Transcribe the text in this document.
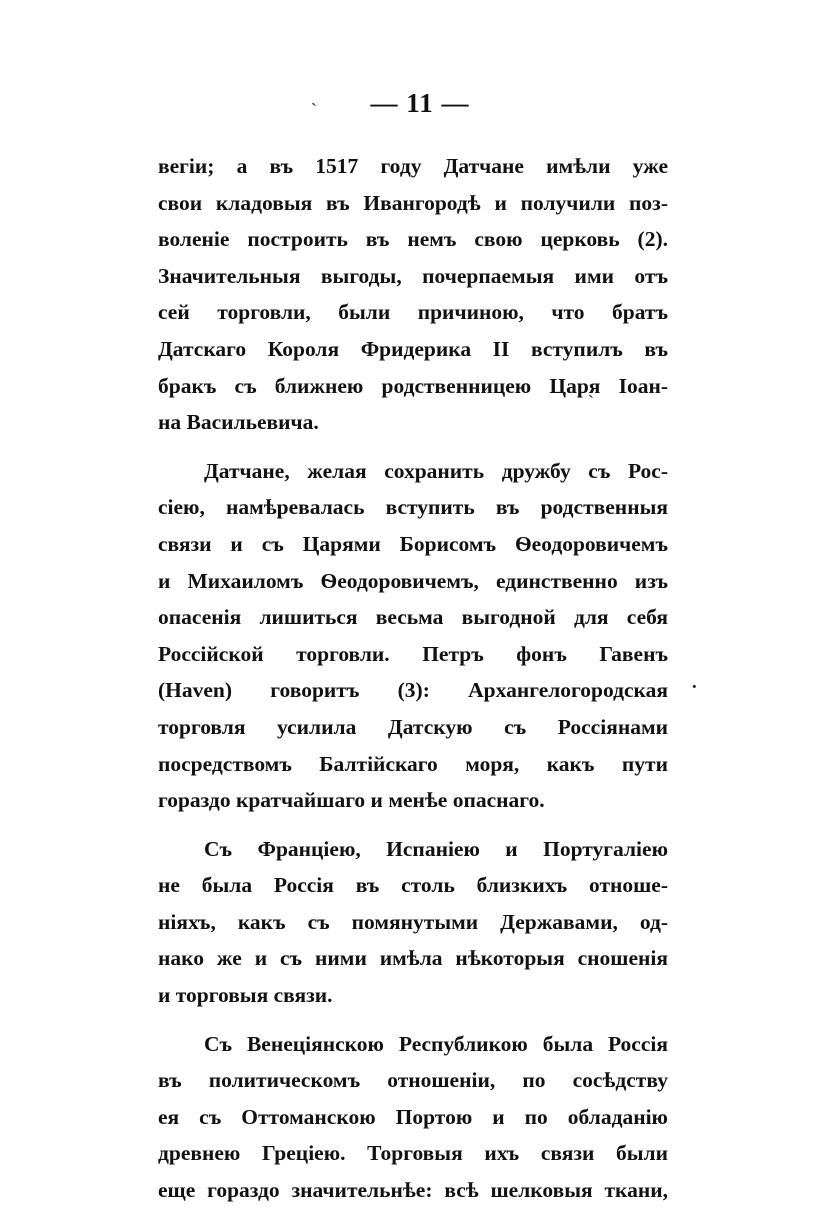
— 11 —
`
`
·
вегіи; а въ 1517 году Датчане имѣли уже
свои кладовыя въ Ивангородѣ и получили поз-
воленіе построить въ немъ свою церковь (2).
Значительныя выгоды, почерпаемыя ими отъ
сей торговли, были причиною, что братъ
Датскаго Короля Фридерика II вступилъ въ
бракъ съ ближнею родственницею Царя Іоан-
на Васильевича.
Датчане, желая сохранить дружбу съ Рос-
сіею, намѣревалась вступить въ родственныя
связи и съ Царями Борисомъ Ѳеодоровичемъ
и Михаиломъ Ѳеодоровичемъ, единственно изъ
опасенія лишиться весьма выгодной для себя
Россійской торговли. Петръ фонъ Гавенъ
(Haven) говоритъ (3): Архангелогородская
торговля усилила Датскую съ Россіянами
посредствомъ Балтійскаго моря, какъ пути
гораздо кратчайшаго и менѣе опаснаго.
Съ Франціею, Испаніею и Португаліею
не была Россія въ столь близкихъ отноше-
ніяхъ, какъ съ помянутыми Державами, од-
нако же и съ ними имѣла нѣкоторыя сношенія
и торговыя связи.
Съ Венеціянскою Республикою была Россія
въ политическомъ отношеніи, по сосѣдству
ея съ Оттоманскою Портою и по обладанію
древнею Греціею. Торговыя ихъ связи были
еще гораздо значительнѣе: всѣ шелковыя ткани,
